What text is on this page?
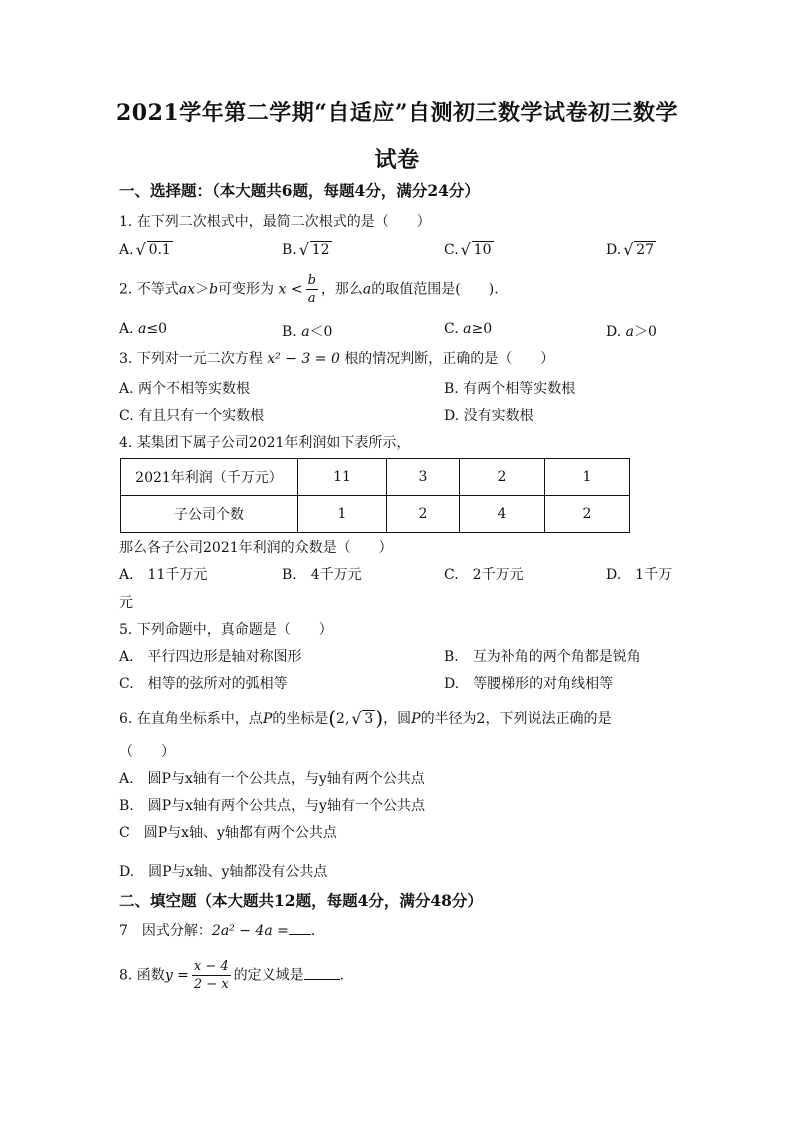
2021学年第二学期“自适应”自测初三数学试卷初三数学
试卷
一、选择题：（本大题共6题，每题4分，满分24分）
1. 在下列二次根式中，最简二次根式的是（　　）
A. √ 0.1	B. √ 12	C. √ 10	D. √ 27
2. 不等式ax＞b可变形为 $x < \frac{b}{a}$ ，那么a的取值范围是(　　).
A. a≤0	B. a＜0	C. a≥0	D. a＞0
3. 下列对一元二次方程 x² − 3 = 0 根的情况判断，正确的是（　　）
A. 两个不相等实数根	B. 有两个相等实数根
C. 有且只有一个实数根	D. 没有实数根
4. 某集团下属子公司2021年利润如下表所示，
2021年利润（千万元）	11	3	2	1
子公司个数	1	2	4	2
那么各子公司2021年利润的众数是（　　）
A.　11千万元	B.　4千万元	C.　2千万元	D.　1千万
元
5. 下列命题中，真命题是（　　）
A.　平行四边形是轴对称图形	B.　互为补角的两个角都是锐角
C.　相等的弦所对的弧相等	D.　等腰梯形的对角线相等
6. 在直角坐标系中，点P的坐标是(2, √ 3 )，圆P的半径为2，下列说法正确的是
（　　）
A.　圆P与x轴有一个公共点，与y轴有两个公共点
B.　圆P与x轴有两个公共点，与y轴有一个公共点
C　圆P与x轴、y轴都有两个公共点
D.　圆P与x轴、y轴都没有公共点
二、填空题（本大题共12题，每题4分，满分48分）
7　因式分解：2a² − 4a = .
8. 函数$y = \frac{x - 4}{2 - x}$ 的定义域是	.
